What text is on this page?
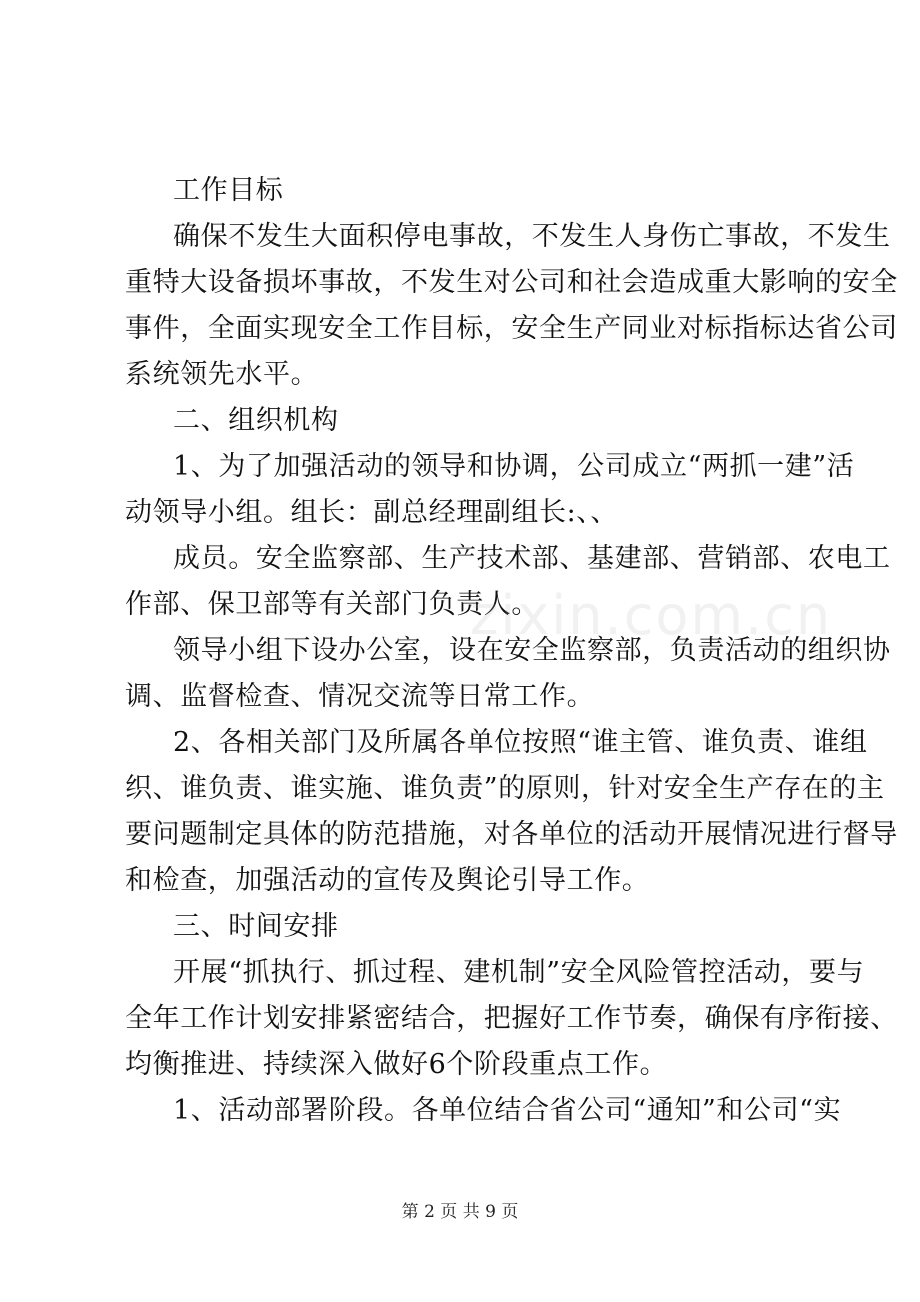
工作目标
确保不发生大面积停电事故，不发生人身伤亡事故，不发生
重特大设备损坏事故，不发生对公司和社会造成重大影响的安全
事件，全面实现安全工作目标，安全生产同业对标指标达省公司
系统领先水平。
二、组织机构
1、为了加强活动的领导和协调，公司成立“两抓一建”活
动领导小组。组长：副总经理副组长:、、
成员。安全监察部、生产技术部、基建部、营销部、农电工
作部、保卫部等有关部门负责人。
领导小组下设办公室，设在安全监察部，负责活动的组织协
调、监督检查、情况交流等日常工作。
2、各相关部门及所属各单位按照“谁主管、谁负责、谁组
织、谁负责、谁实施、谁负责”的原则，针对安全生产存在的主
要问题制定具体的防范措施，对各单位的活动开展情况进行督导
和检查，加强活动的宣传及舆论引导工作。
三、时间安排
开展“抓执行、抓过程、建机制”安全风险管控活动，要与
全年工作计划安排紧密结合，把握好工作节奏，确保有序衔接、
均衡推进、持续深入做好6个阶段重点工作。
1、活动部署阶段。各单位结合省公司“通知”和公司“实
zixin.com.cn
第 2 页 共 9 页
